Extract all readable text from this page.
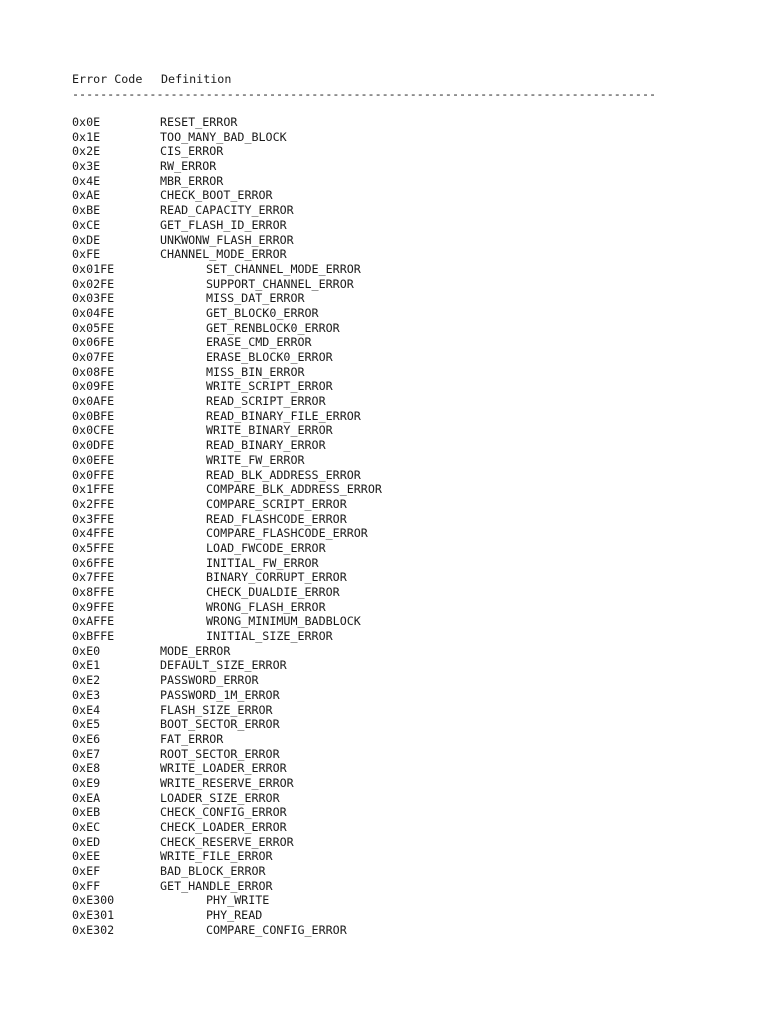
Error Code Definition
-----------------------------------------------------------------------------------
0x0E	RESET_ERROR
0x1E	TOO_MANY_BAD_BLOCK
0x2E	CIS_ERROR
0x3E	RW_ERROR
0x4E	MBR_ERROR
0xAE	CHECK_BOOT_ERROR
0xBE	READ_CAPACITY_ERROR
0xCE	GET_FLASH_ID_ERROR
0xDE	UNKWONW_FLASH_ERROR
0xFE	CHANNEL_MODE_ERROR
0x01FE	SET_CHANNEL_MODE_ERROR
0x02FE	SUPPORT_CHANNEL_ERROR
0x03FE	MISS_DAT_ERROR
0x04FE	GET_BLOCK0_ERROR
0x05FE	GET_RENBLOCK0_ERROR
0x06FE	ERASE_CMD_ERROR
0x07FE	ERASE_BLOCK0_ERROR
0x08FE	MISS_BIN_ERROR
0x09FE	WRITE_SCRIPT_ERROR
0x0AFE	READ_SCRIPT_ERROR
0x0BFE	READ_BINARY_FILE_ERROR
0x0CFE	WRITE_BINARY_ERROR
0x0DFE	READ_BINARY_ERROR
0x0EFE	WRITE_FW_ERROR
0x0FFE	READ_BLK_ADDRESS_ERROR
0x1FFE	COMPARE_BLK_ADDRESS_ERROR
0x2FFE	COMPARE_SCRIPT_ERROR
0x3FFE	READ_FLASHCODE_ERROR
0x4FFE	COMPARE_FLASHCODE_ERROR
0x5FFE	LOAD_FWCODE_ERROR
0x6FFE	INITIAL_FW_ERROR
0x7FFE	BINARY_CORRUPT_ERROR
0x8FFE	CHECK_DUALDIE_ERROR
0x9FFE	WRONG_FLASH_ERROR
0xAFFE	WRONG_MINIMUM_BADBLOCK
0xBFFE	INITIAL_SIZE_ERROR
0xE0	MODE_ERROR
0xE1	DEFAULT_SIZE_ERROR
0xE2	PASSWORD_ERROR
0xE3	PASSWORD_1M_ERROR
0xE4	FLASH_SIZE_ERROR
0xE5	BOOT_SECTOR_ERROR
0xE6	FAT_ERROR
0xE7	ROOT_SECTOR_ERROR
0xE8	WRITE_LOADER_ERROR
0xE9	WRITE_RESERVE_ERROR
0xEA	LOADER_SIZE_ERROR
0xEB	CHECK_CONFIG_ERROR
0xEC	CHECK_LOADER_ERROR
0xED	CHECK_RESERVE_ERROR
0xEE	WRITE_FILE_ERROR
0xEF	BAD_BLOCK_ERROR
0xFF	GET_HANDLE_ERROR
0xE300	PHY_WRITE
0xE301	PHY_READ
0xE302	COMPARE_CONFIG_ERROR
